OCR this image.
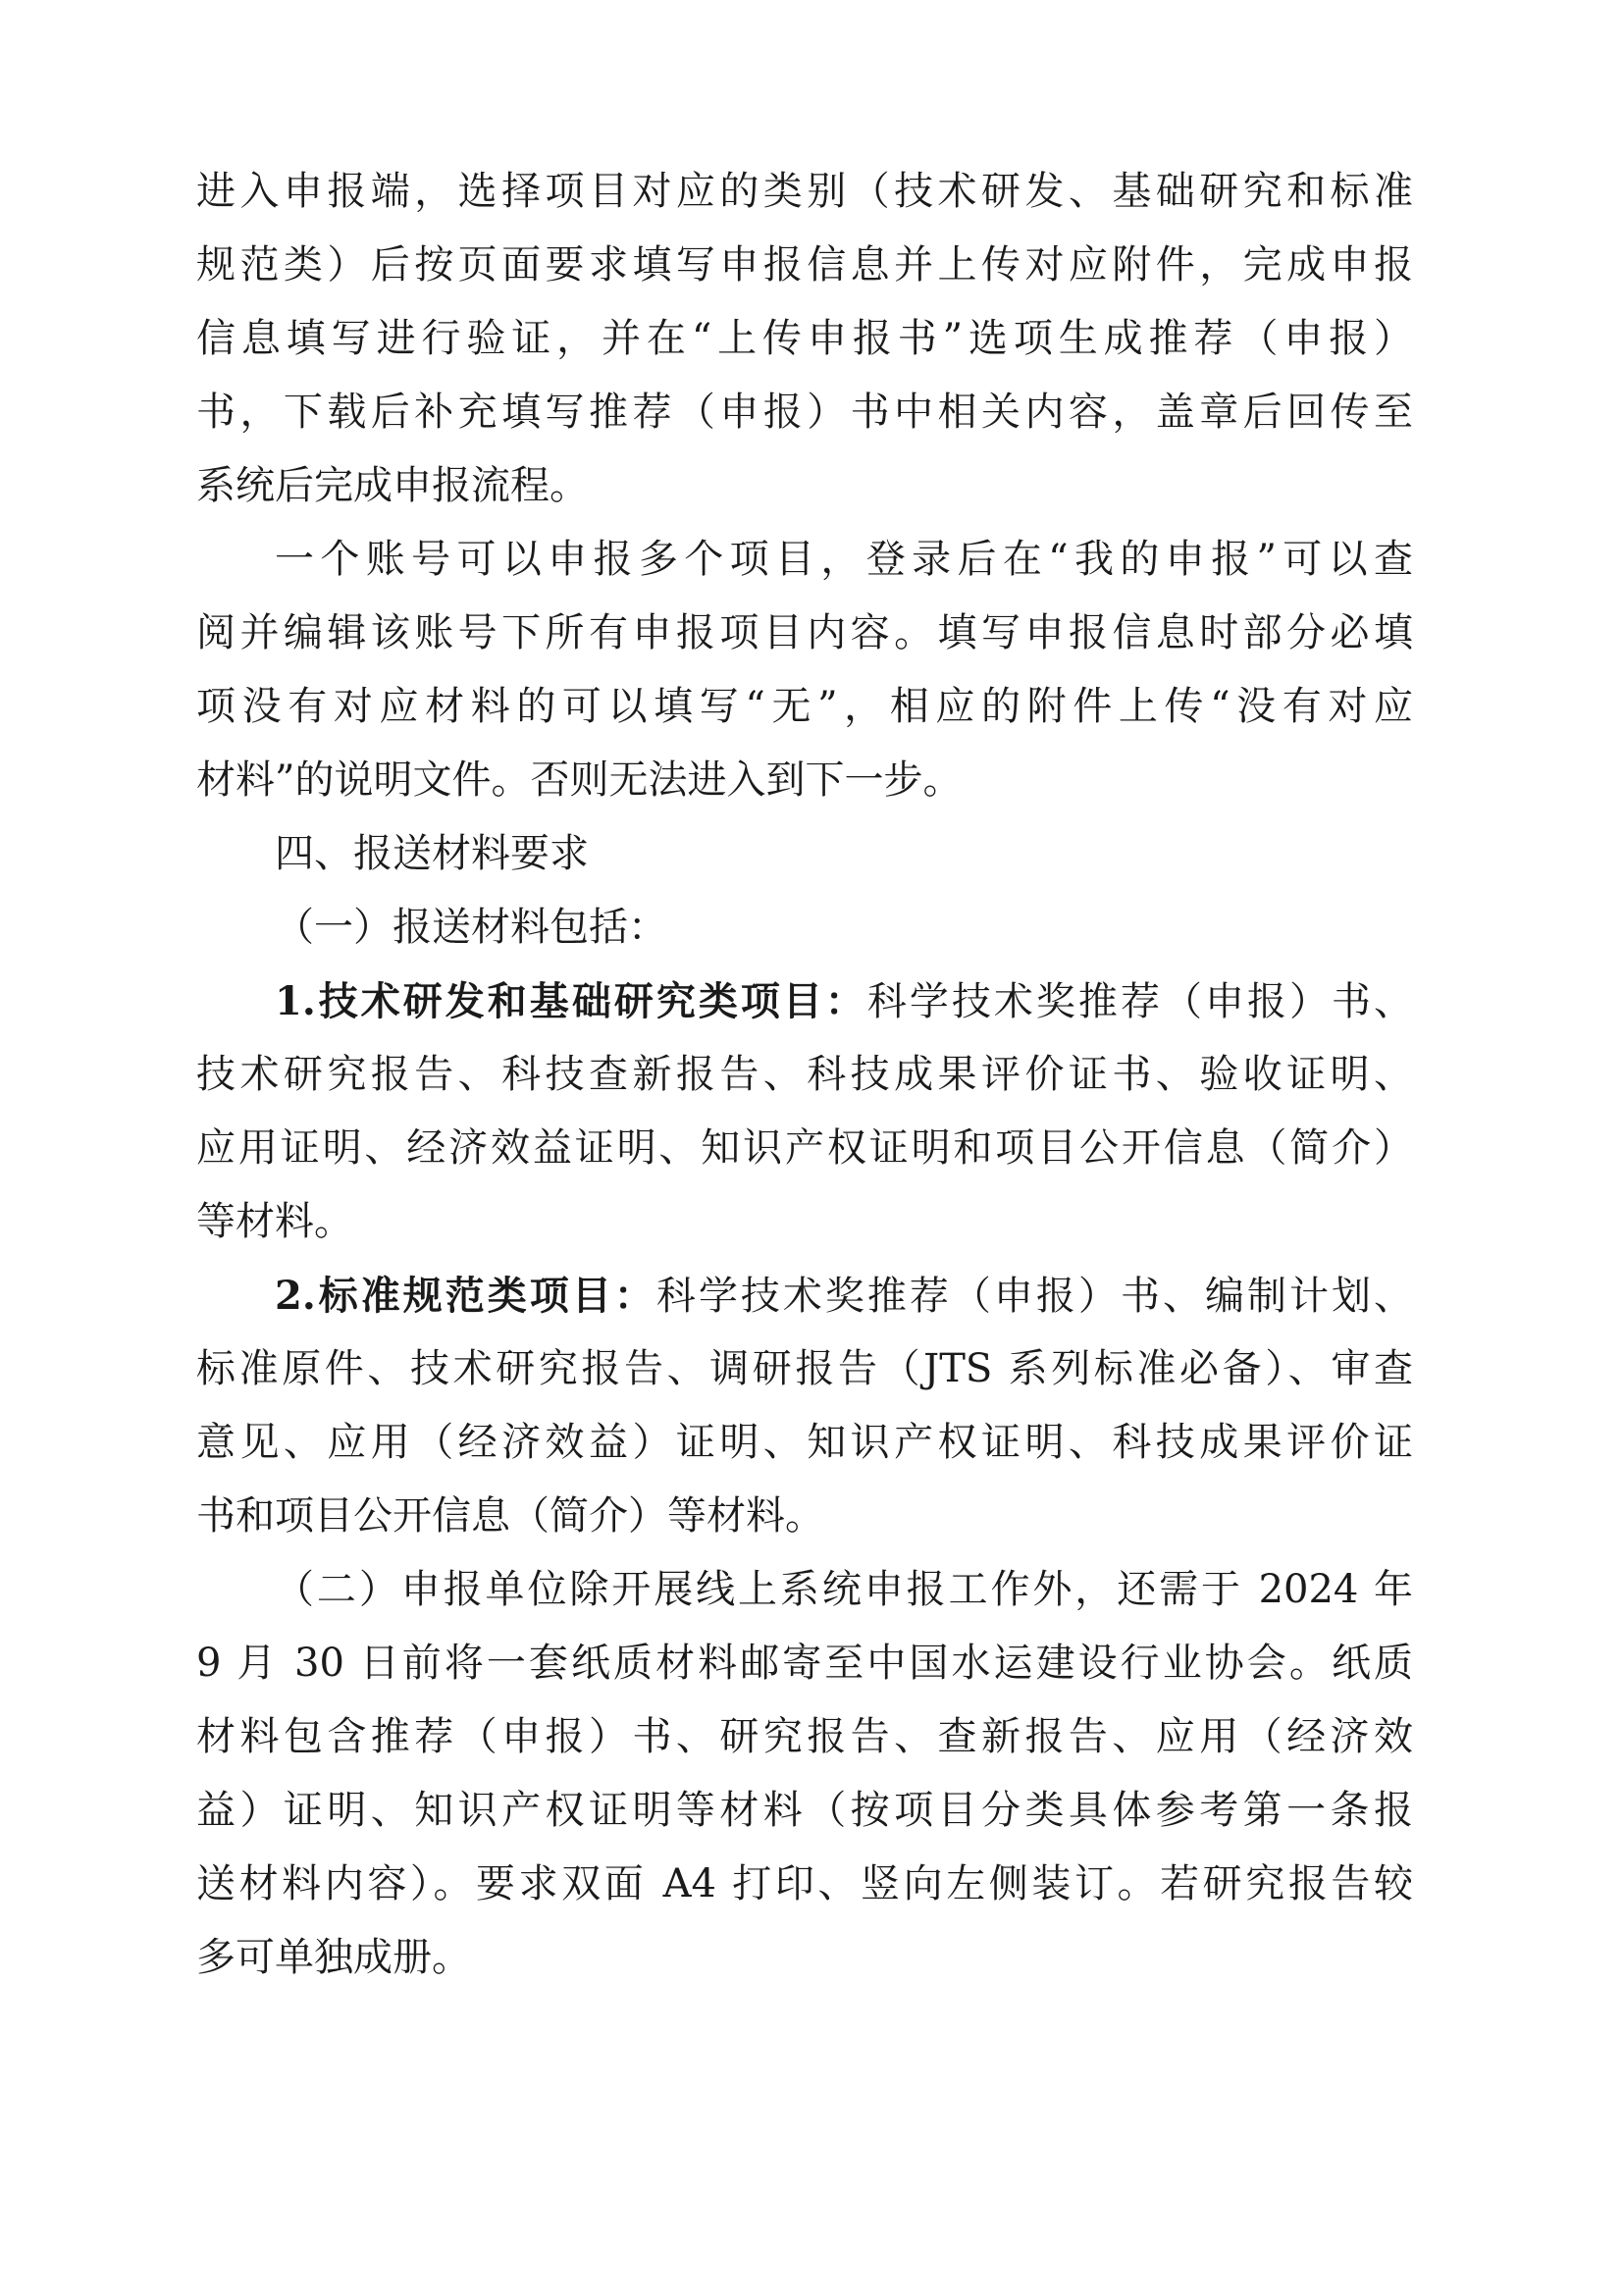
进入申报端，选择项目对应的类别（技术研发、基础研究和标准
规范类）后按页面要求填写申报信息并上传对应附件，完成申报
信息填写进行验证，并在“上传申报书”选项生成推荐（申报）
书，下载后补充填写推荐（申报）书中相关内容，盖章后回传至
系统后完成申报流程。
一个账号可以申报多个项目，登录后在“我的申报”可以查
阅并编辑该账号下所有申报项目内容。填写申报信息时部分必填
项没有对应材料的可以填写“无”，相应的附件上传“没有对应
材料”的说明文件。否则无法进入到下一步。
四、报送材料要求
（一）报送材料包括：
1.技术研发和基础研究类项目：科学技术奖推荐（申报）书、
技术研究报告、科技查新报告、科技成果评价证书、验收证明、
应用证明、经济效益证明、知识产权证明和项目公开信息（简介）
等材料。
2.标准规范类项目：科学技术奖推荐（申报）书、编制计划、
标准原件、技术研究报告、调研报告（JTS 系列标准必备）、审查
意见、应用（经济效益）证明、知识产权证明、科技成果评价证
书和项目公开信息（简介）等材料。
（二）申报单位除开展线上系统申报工作外，还需于 2024 年
9 月 30 日前将一套纸质材料邮寄至中国水运建设行业协会。纸质
材料包含推荐（申报）书、研究报告、查新报告、应用（经济效
益）证明、知识产权证明等材料（按项目分类具体参考第一条报
送材料内容）。要求双面 A4 打印、竖向左侧装订。若研究报告较
多可单独成册。
